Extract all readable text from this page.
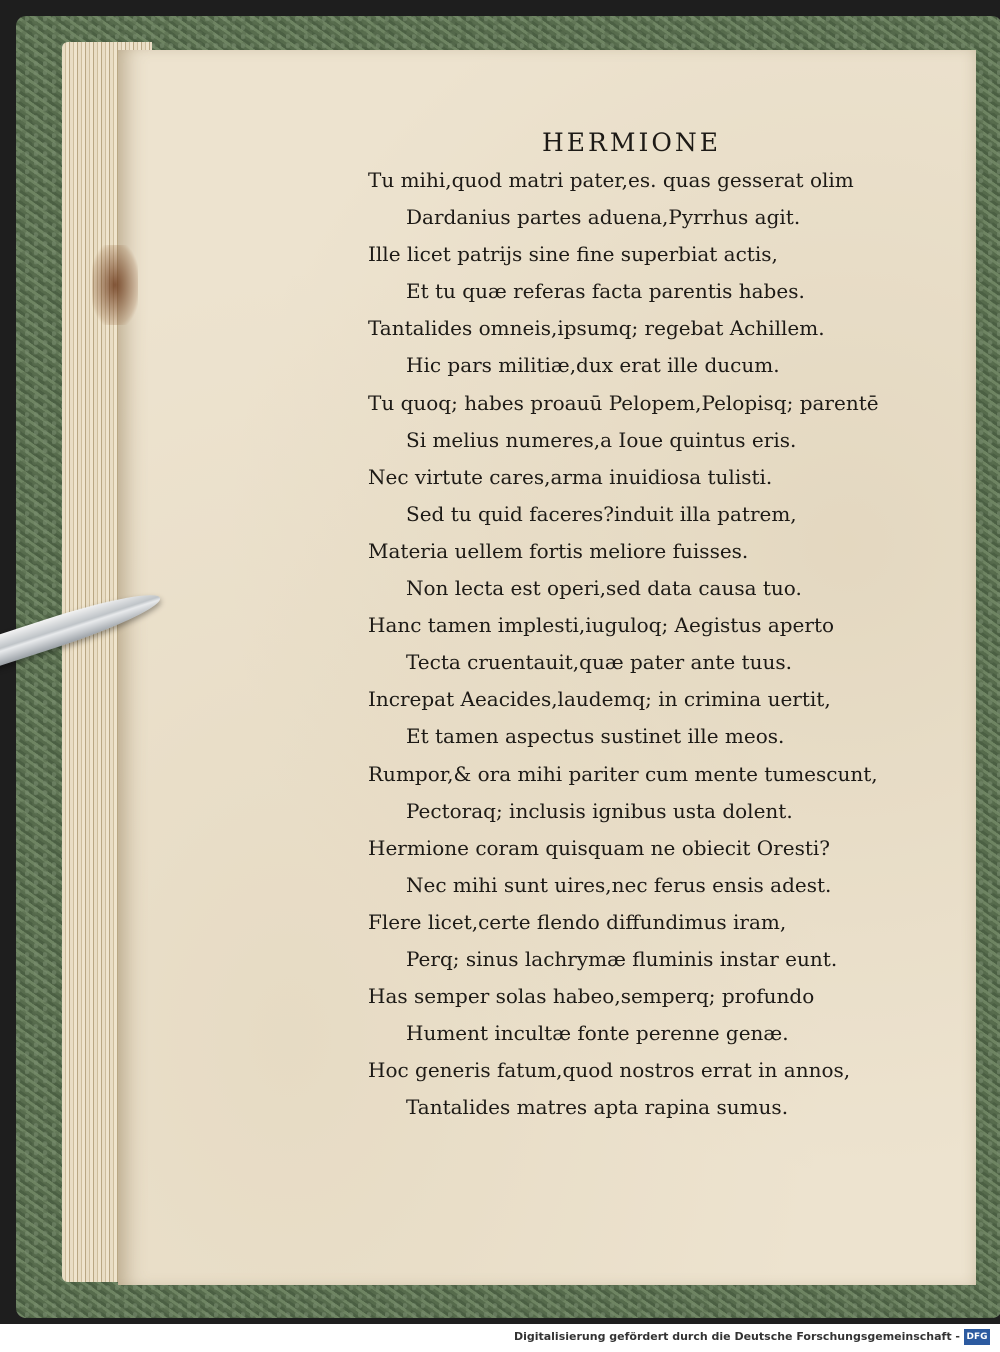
HERMIONE
Tu mihi,quod matri pater,es. quas gesserat olim
Dardanius partes aduena,Pyrrhus agit.
Ille licet patrijs sine fine superbiat actis,
Et tu quæ referas facta parentis habes.
Tantalides omneis,ipsumq; regebat Achillem.
Hic pars militiæ,dux erat ille ducum.
Tu quoq; habes proauū Pelopem,Pelopisq; parentē
Si melius numeres,a Ioue quintus eris.
Nec virtute cares,arma inuidiosa tulisti.
Sed tu quid faceres?induit illa patrem,
Materia uellem fortis meliore fuisses.
Non lecta est operi,sed data causa tuo.
Hanc tamen implesti,iuguloq; Aegistus aperto
Tecta cruentauit,quæ pater ante tuus.
Increpat Aeacides,laudemq; in crimina uertit,
Et tamen aspectus sustinet ille meos.
Rumpor,& ora mihi pariter cum mente tumescunt,
Pectoraq; inclusis ignibus usta dolent.
Hermione coram quisquam ne obiecit Oresti?
Nec mihi sunt uires,nec ferus ensis adest.
Flere licet,certe flendo diffundimus iram,
Perq; sinus lachrymæ fluminis instar eunt.
Has semper solas habeo,semperq; profundo
Hument incultæ fonte perenne genæ.
Hoc generis fatum,quod nostros errat in annos,
Tantalides matres apta rapina sumus.
Digitalisierung gefördert durch die Deutsche Forschungsgemeinschaft - DFG
